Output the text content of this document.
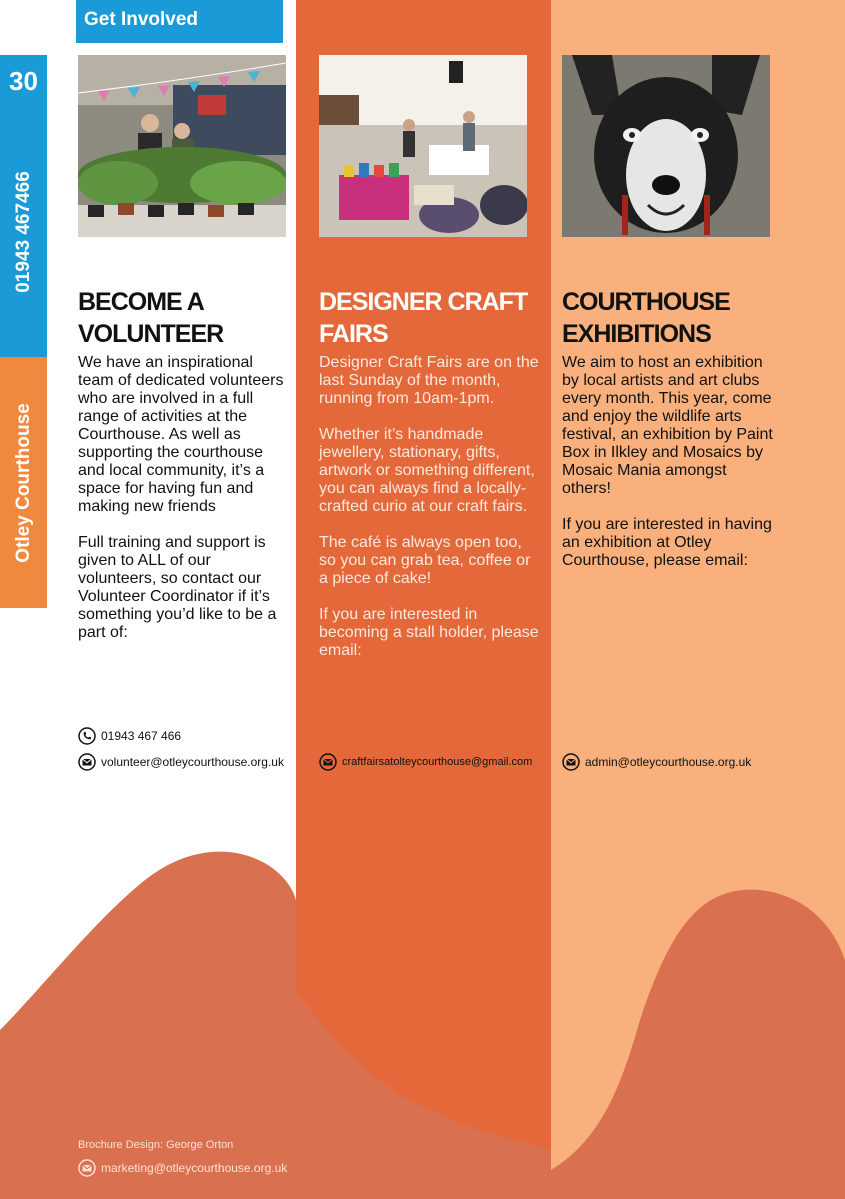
Get Involved
30
01943 467466
Otley Courthouse
BECOME A VOLUNTEER

We have an inspirational team of dedicated volunteers who are involved in a full range of activities at the Courthouse. As well as supporting the courthouse and local community, it’s a space for having fun and making new friends

Full training and support is given to ALL of our volunteers, so contact our Volunteer Coordinator if it’s something you’d like to be a part of:

01943 467 466
volunteer@otleycourthouse.org.uk
DESIGNER CRAFT FAIRS

Designer Craft Fairs are on the last Sunday of the month, running from 10am-1pm.

Whether it’s handmade jewellery, stationary, gifts, artwork or something different, you can always find a locally-crafted curio at our craft fairs.

The café is always open too, so you can grab tea, coffee or a piece of cake!

If you are interested in becoming a stall holder, please email:

craftfairsatolteycourthouse@gmail.com
COURTHOUSE EXHIBITIONS

We aim to host an exhibition by local artists and art clubs every month. This year, come and enjoy the wildlife arts festival, an exhibition by Paint Box in Ilkley and Mosaics by Mosaic Mania amongst others!

If you are interested in having an exhibition at Otley Courthouse, please email:

admin@otleycourthouse.org.uk
Brochure Design: George Orton
marketing@otleycourthouse.org.uk
